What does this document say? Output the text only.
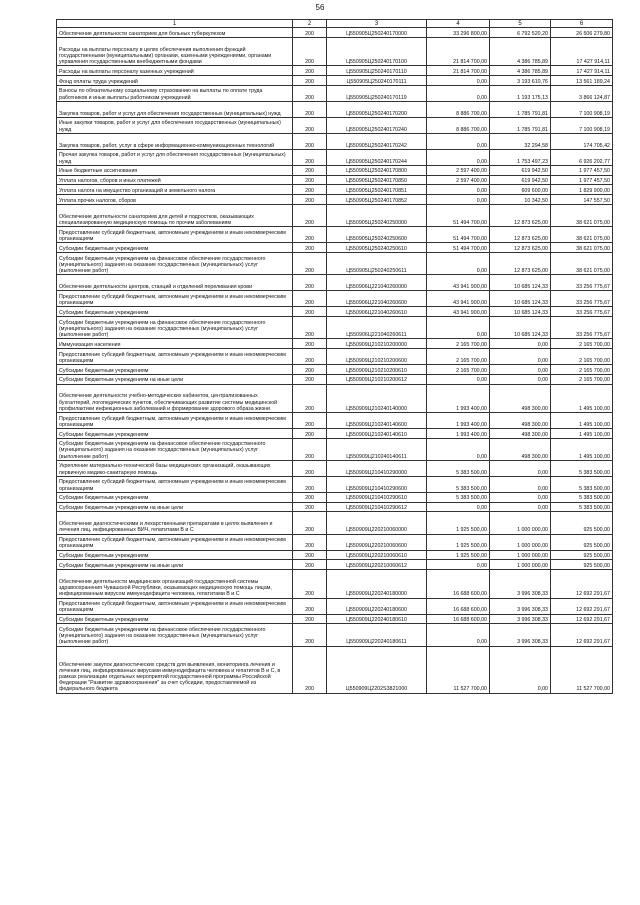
56
1	2	3	4	5	6
Обеспечение деятельности санаториев для больных туберкулезом	200	Ц550905Ц250240170000	33 296 800,00	6 792 520,20	26 506 279,80
Расходы на выплаты персоналу в целях обеспечения выполнения функций государственными (муниципальными) органами, казенными учреждениями, органами управления государственными внебюджетными фондами	200	Ц550905Ц250240170100	21 814 700,00	4 386 785,89	17 427 914,11
Расходы на выплаты персоналу казенных учреждений	200	Ц550905Ц250240170110	21 814 700,00	4 386 785,89	17 427 914,11
Фонд оплаты труда учреждений	200	Ц550905Ц250240170111	0,00	3 193 610,76	13 561 189,24
Взносы по обязательному социальному страхованию на выплаты по оплате труда работников и иные выплаты работникам учреждений	200	Ц550905Ц250240170119	0,00	1 193 175,13	3 866 124,87
Закупка товаров, работ и услуг для обеспечения государственных (муниципальных) нужд	200	Ц550905Ц250240170200	8 886 700,00	1 785 791,81	7 100 908,19
Иные закупки товаров, работ и услуг для обеспечения государственных (муниципальных) нужд	200	Ц550905Ц250240170240	8 886 700,00	1 785 791,81	7 100 908,19
Закупка товаров, работ, услуг в сфере информационно-коммуникационных технологий	200	Ц550905Ц250240170242	0,00	32 294,58	174 705,42
Прочая закупка товаров, работ и услуг для обеспечения государственных (муниципальных) нужд	200	Ц550905Ц250240170244	0,00	1 753 497,23	6 926 202,77
Иные бюджетные ассигнования	200	Ц550905Ц250240170800	2 597 400,00	619 942,50	1 977 457,50
Уплата налогов, сборов и иных платежей	200	Ц550905Ц250240170850	2 597 400,00	619 942,50	1 977 457,50
Уплата налога на имущество организаций и земельного налога	200	Ц550905Ц250240170851	0,00	609 600,00	1 829 900,00
Уплата прочих налогов, сборов	200	Ц550905Ц250240170852	0,00	10 342,50	147 557,50
Обеспечение деятельности санаториев для детей и подростков, оказывающих специализированную медицинскую помощь по прочим заболеваниям	200	Ц550905Ц250240250000	51 494 700,00	12 873 625,00	38 621 075,00
Предоставление субсидий бюджетным, автономным учреждениям и иным некоммерческим организациям	200	Ц550905Ц250240250600	51 494 700,00	12 873 625,00	38 621 075,00
Субсидии бюджетным учреждениям	200	Ц550905Ц250240250610	51 494 700,00	12 873 625,00	38 621 075,00
Субсидии бюджетным учреждениям на финансовое обеспечение государственного (муниципального) задания на оказание государственных (муниципальных) услуг (выполнение работ)	200	Ц550905Ц250240250611	0,00	12 873 625,00	38 621 075,00
Обеспечение деятельности центров, станций и отделений переливания крови	200	Ц550906Ц221040260000	43 941 900,00	10 685 124,33	33 256 775,67
Предоставление субсидий бюджетным, автономным учреждениям и иным некоммерческим организациям	200	Ц550906Ц221040260600	43 941 900,00	10 685 124,33	33 256 775,67
Субсидии бюджетным учреждениям	200	Ц550906Ц221040260610	43 941 900,00	10 685 124,33	33 256 775,67
Субсидии бюджетным учреждениям на финансовое обеспечение государственного (муниципального) задания на оказание государственных (муниципальных) услуг (выполнение работ)	200	Ц550906Ц221040260611	0,00	10 685 124,33	33 256 775,67
Иммунизация населения	200	Ц550909Ц210210200000	2 165 700,00	0,00	2 165 700,00
Предоставление субсидий бюджетным, автономным учреждениям и иным некоммерческим организациям	200	Ц550909Ц210210200600	2 165 700,00	0,00	2 165 700,00
Субсидии бюджетным учреждениям	200	Ц550909Ц210210200610	2 165 700,00	0,00	2 165 700,00
Субсидии бюджетным учреждениям на иные цели	200	Ц550909Ц210210200612	0,00	0,00	2 165 700,00
Обеспечение деятельности учебно-методических кабинетов, централизованных бухгалтерий, логопедических пунктов, обеспечивающих развитие системы медицинской профилактики инфекционных заболеваний и формирование здорового образа жизни	200	Ц550909Ц210240140000	1 993 400,00	498 300,00	1 495 100,00
Предоставление субсидий бюджетным, автономным учреждениям и иным некоммерческим организациям	200	Ц550909Ц210240140600	1 993 400,00	498 300,00	1 495 100,00
Субсидии бюджетным учреждениям	200	Ц550909Ц210240140610	1 993 400,00	498 300,00	1 495 100,00
Субсидии бюджетным учреждениям на финансовое обеспечение государственного (муниципального) задания на оказание государственных (муниципальных) услуг (выполнение работ)	200	Ц550909Ц210240140611	0,00	498 300,00	1 495 100,00
Укрепление материально-технической базы медицинских организаций, оказывающих первичную медико-санитарную помощь	200	Ц550909Ц210410290000	5 383 500,00	0,00	5 383 500,00
Предоставление субсидий бюджетным, автономным учреждениям и иным некоммерческим организациям	200	Ц550909Ц210410290600	5 383 500,00	0,00	5 383 500,00
Субсидии бюджетным учреждениям	200	Ц550909Ц210410290610	5 383 500,00	0,00	5 383 500,00
Субсидии бюджетным учреждениям на иные цели	200	Ц550909Ц210410290612	0,00	0,00	5 383 500,00
Обеспечение диагностическими и лекарственными препаратами в целях выявления и лечения лиц, инфицированных ВИЧ, гепатитами В и С	200	Ц550909Ц220210060000	1 925 500,00	1 000 000,00	925 500,00
Предоставление субсидий бюджетным, автономным учреждениям и иным некоммерческим организациям	200	Ц550909Ц220210060600	1 925 500,00	1 000 000,00	925 500,00
Субсидии бюджетным учреждениям	200	Ц550909Ц220210060610	1 925 500,00	1 000 000,00	925 500,00
Субсидии бюджетным учреждениям на иные цели	200	Ц550909Ц220210060612	0,00	1 000 000,00	925 500,00
Обеспечение деятельности медицинских организаций государственной системы здравоохранения Чувашской Республики, оказывающих медицинскую помощь лицам, инфицированным вирусом иммунодефицита человека, гепатитами В и С	200	Ц550909Ц220240180000	16 688 600,00	3 996 308,33	12 692 291,67
Предоставление субсидий бюджетным, автономным учреждениям и иным некоммерческим организациям	200	Ц550909Ц220240180600	16 688 600,00	3 996 308,33	12 692 291,67
Субсидии бюджетным учреждениям	200	Ц550909Ц220240180610	16 688 600,00	3 996 308,33	12 692 291,67
Субсидии бюджетным учреждениям на финансовое обеспечение государственного (муниципального) задания на оказание государственных (муниципальных) услуг (выполнение работ)	200	Ц550909Ц220240180611	0,00	3 996 308,33	12 692 291,67
Обеспечение закупок диагностических средств для выявления, мониторинга лечения и лечения лиц, инфицированных вирусами иммунодефицита человека и гепатитов В и С, в рамках реализации отдельных мероприятий государственной программы Российской Федерации "Развитие здравоохранения" за счет субсидии, предоставляемой из федерального бюджета	200	Ц550909Ц2202S3821000	11 527 700,00	0,00	11 527 700,00
